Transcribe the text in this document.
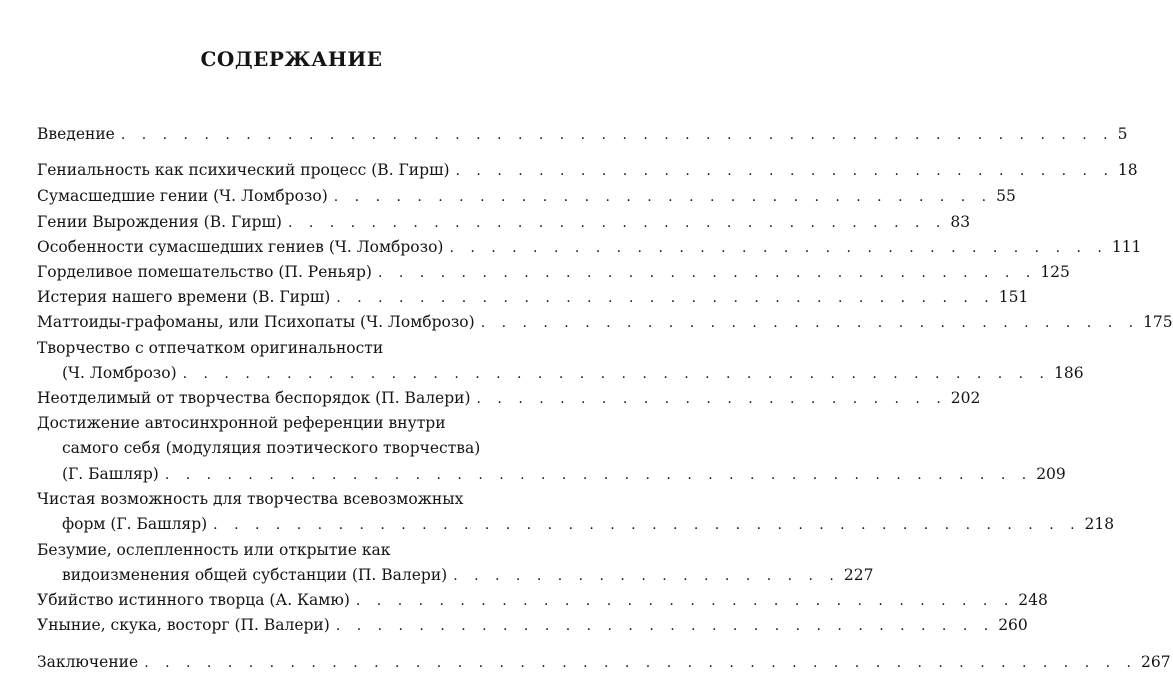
СОДЕРЖАНИЕ
Введение . . . . . . . . . . . . . . . . . . . . . . . . . . . . . . . . . . . . . . . . . . . . . . . . 5
Гениальность как психический процесс (В. Гирш) . . . . . . . . . . . . . . . . . . . . . . . . . . . . . . . . 18
Сумасшедшие гении (Ч. Ломброзо) . . . . . . . . . . . . . . . . . . . . . . . . . . . . . . . . 55
Гении Вырождения (В. Гирш) . . . . . . . . . . . . . . . . . . . . . . . . . . . . . . . . 83
Особенности сумасшедших гениев (Ч. Ломброзо) . . . . . . . . . . . . . . . . . . . . . . . . . . . . . . . . 111
Горделивое помешательство (П. Реньяр) . . . . . . . . . . . . . . . . . . . . . . . . . . . . . . . . 125
Истерия нашего времени (В. Гирш) . . . . . . . . . . . . . . . . . . . . . . . . . . . . . . . . 151
Маттоиды-графоманы, или Психопаты (Ч. Ломброзо) . . . . . . . . . . . . . . . . . . . . . . . . . . . . . . . . 175
Творчество с отпечатком оригинальности
(Ч. Ломброзо) . . . . . . . . . . . . . . . . . . . . . . . . . . . . . . . . . . . . . . . . . . 186
Неотделимый от творчества беспорядок (П. Валери) . . . . . . . . . . . . . . . . . . . . . . . 202
Достижение автосинхронной референции внутри
самого себя (модуляция поэтического творчества)
(Г. Башляр) . . . . . . . . . . . . . . . . . . . . . . . . . . . . . . . . . . . . . . . . . . 209
Чистая возможность для творчества всевозможных
форм (Г. Башляр) . . . . . . . . . . . . . . . . . . . . . . . . . . . . . . . . . . . . . . . . . . 218
Безумие, ослепленность или открытие как
видоизменения общей субстанции (П. Валери) . . . . . . . . . . . . . . . . . . . 227
Убийство истинного творца (А. Камю) . . . . . . . . . . . . . . . . . . . . . . . . . . . . . . . . 248
Уныние, скука, восторг (П. Валери) . . . . . . . . . . . . . . . . . . . . . . . . . . . . . . . . 260
Заключение . . . . . . . . . . . . . . . . . . . . . . . . . . . . . . . . . . . . . . . . . . . . . . . . 267
